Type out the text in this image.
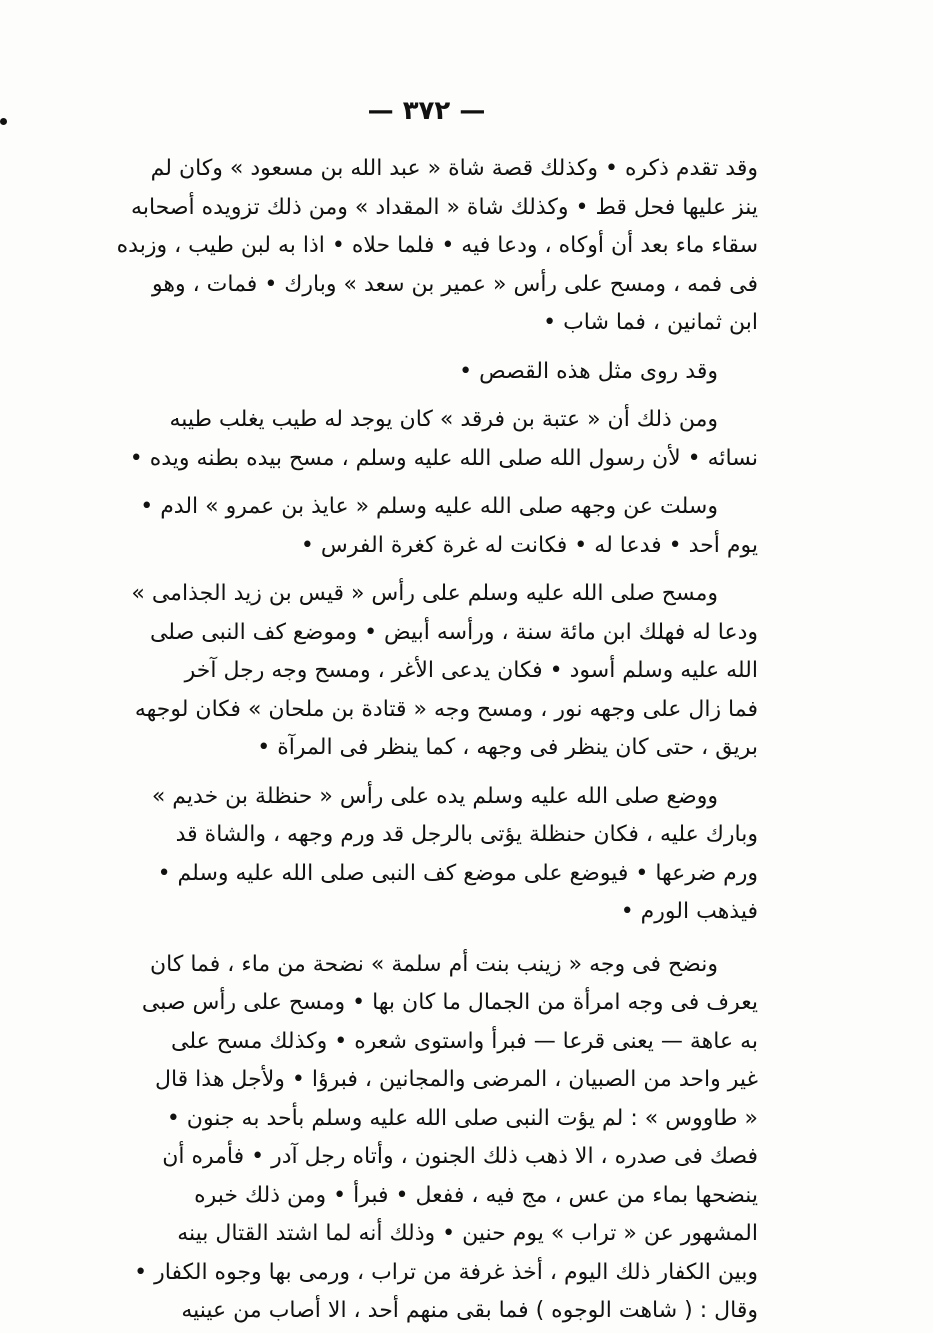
— ٣٧٢ —
وقد تقدم ذكره • وكذلك قصة شاة « عبد الله بن مسعود » وكان لم
ينز عليها فحل قط • وكذلك شاة « المقداد » ومن ذلك تزويده أصحابه
سقاء ماء بعد أن أوكاه ، ودعا فيه • فلما حلاه • اذا به لبن طيب ، وزبده
فى فمه ، ومسح على رأس « عمير بن سعد » وبارك • فمات ، وهو
ابن ثمانين ، فما شاب •
وقد روى مثل هذه القصص •
ومن ذلك أن « عتبة بن فرقد » كان يوجد له طيب يغلب طيبه
نسائه • لأن رسول الله صلى الله عليه وسلم ، مسح بيده بطنه ويده •
وسلت عن وجهه صلى الله عليه وسلم « عايذ بن عمرو » الدم •
يوم أحد • فدعا له • فكانت له غرة كغرة الفرس •
ومسح صلى الله عليه وسلم على رأس « قيس بن زيد الجذامى »
ودعا له فهلك ابن مائة سنة ، ورأسه أبيض • وموضع كف النبى صلى
الله عليه وسلم أسود • فكان يدعى الأغر ، ومسح وجه رجل آخر
فما زال على وجهه نور ، ومسح وجه « قتادة بن ملحان » فكان لوجهه
بريق ، حتى كان ينظر فى وجهه ، كما ينظر فى المرآة •
ووضع صلى الله عليه وسلم يده على رأس « حنظلة بن خديم »
وبارك عليه ، فكان حنظلة يؤتى بالرجل قد ورم وجهه ، والشاة قد
ورم ضرعها • فيوضع على موضع كف النبى صلى الله عليه وسلم •
فيذهب الورم •
ونضح فى وجه « زينب بنت أم سلمة » نضحة من ماء ، فما كان
يعرف فى وجه امرأة من الجمال ما كان بها • ومسح على رأس صبى
به عاهة — يعنى قرعا — فبرأ واستوى شعره • وكذلك مسح على
غير واحد من الصبيان ، المرضى والمجانين ، فبرؤا • ولأجل هذا قال
« طاووس » : لم يؤت النبى صلى الله عليه وسلم بأحد به جنون •
فصك فى صدره ، الا ذهب ذلك الجنون ، وأتاه رجل آدر • فأمره أن
ينضحها بماء من عس ، مج فيه ، ففعل • فبرأ • ومن ذلك خبره
المشهور عن « تراب » يوم حنين • وذلك أنه لما اشتد القتال بينه
وبين الكفار ذلك اليوم ، أخذ غرفة من تراب ، ورمى بها وجوه الكفار •
وقال : ( شاهت الوجوه ) فما بقى منهم أحد ، الا أصاب من عينيه
